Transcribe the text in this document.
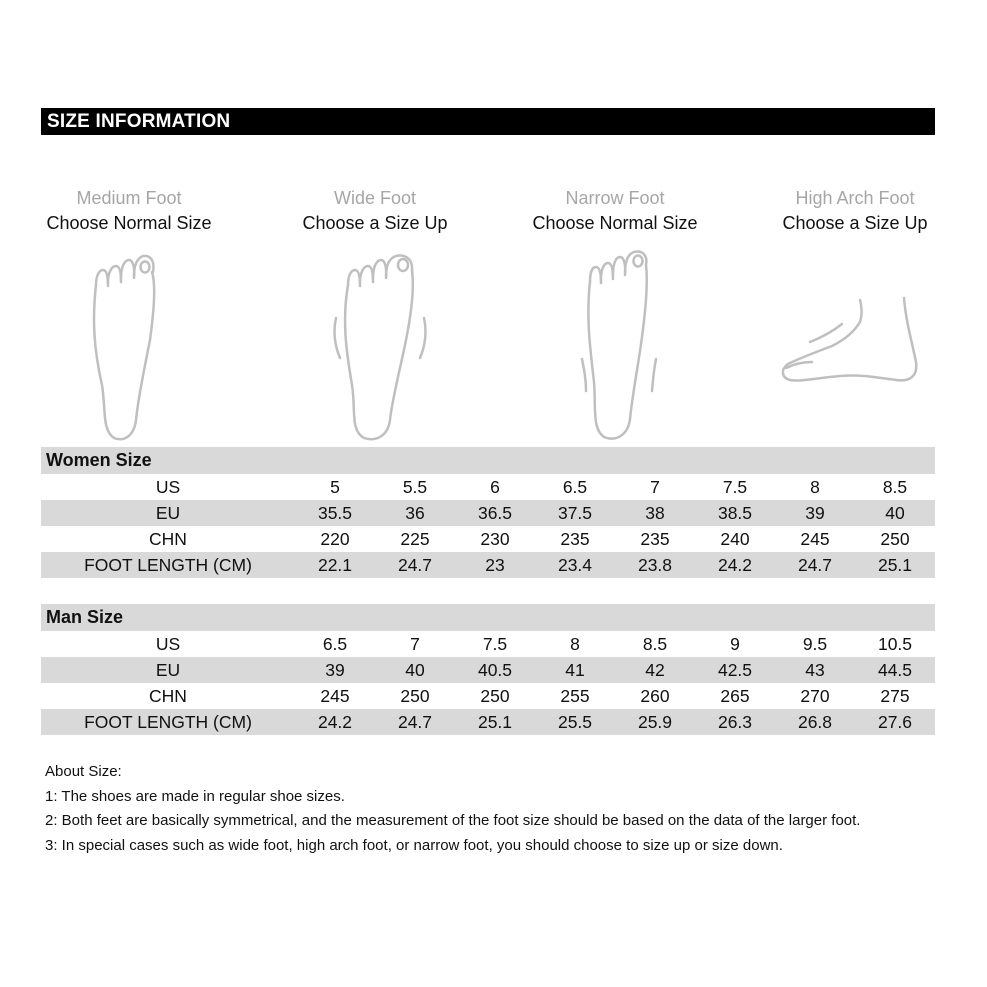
SIZE INFORMATION
Medium Foot
Choose Normal Size
Wide Foot
Choose a Size Up
Narrow Foot
Choose Normal Size
High Arch Foot
Choose a Size Up
Women Size
US	5	5.5	6	6.5	7	7.5	8	8.5
EU	35.5	36	36.5	37.5	38	38.5	39	40
CHN	220	225	230	235	235	240	245	250
FOOT LENGTH (CM)	22.1	24.7	23	23.4	23.8	24.2	24.7	25.1
Man Size
US	6.5	7	7.5	8	8.5	9	9.5	10.5
EU	39	40	40.5	41	42	42.5	43	44.5
CHN	245	250	250	255	260	265	270	275
FOOT LENGTH (CM)	24.2	24.7	25.1	25.5	25.9	26.3	26.8	27.6
About Size:
1: The shoes are made in regular shoe sizes.
2: Both feet are basically symmetrical, and the measurement of the foot size should be based on the data of the larger foot.
3: In special cases such as wide foot, high arch foot, or narrow foot, you should choose to size up or size down.
